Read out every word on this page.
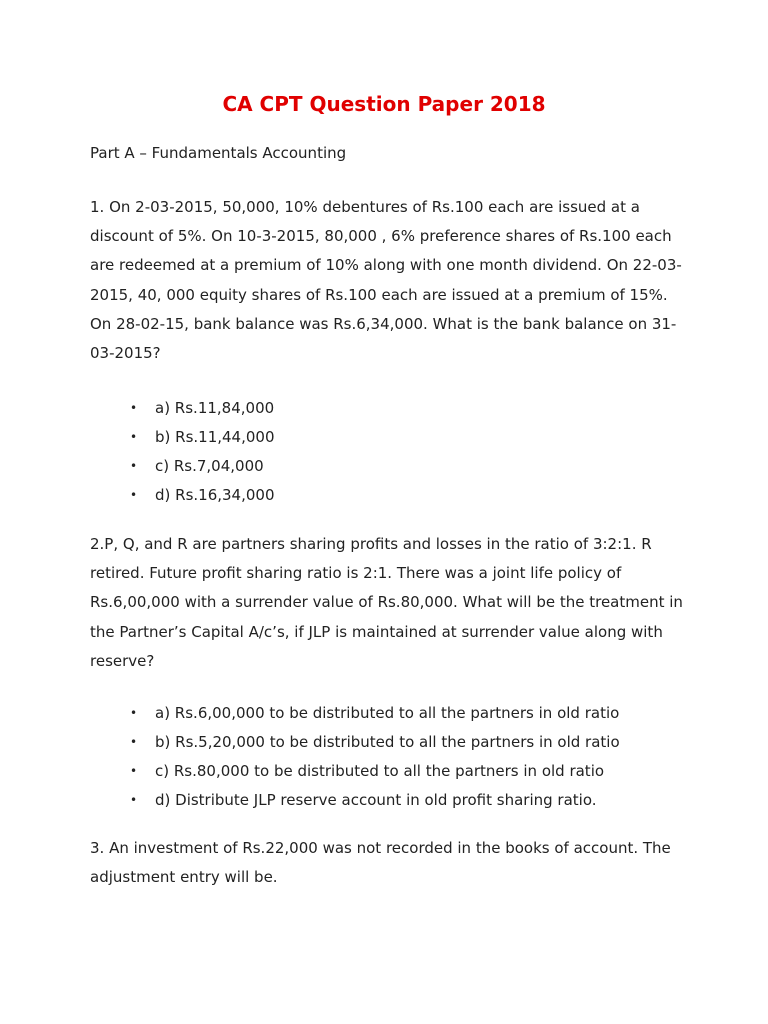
CA CPT Question Paper 2018

Part A – Fundamentals Accounting

1. On 2-03-2015, 50,000, 10% debentures of Rs.100 each are issued at a discount of 5%. On 10-3-2015, 80,000 , 6% preference shares of Rs.100 each are redeemed at a premium of 10% along with one month dividend. On 22-03- 2015, 40, 000 equity shares of Rs.100 each are issued at a premium of 15%. On 28-02-15, bank balance was Rs.6,34,000. What is the bank balance on 31-03-2015?

• a) Rs.11,84,000
• b) Rs.11,44,000
• c) Rs.7,04,000
• d) Rs.16,34,000

2.P, Q, and R are partners sharing profits and losses in the ratio of 3:2:1. R retired. Future profit sharing ratio is 2:1. There was a joint life policy of Rs.6,00,000 with a surrender value of Rs.80,000. What will be the treatment in the Partner’s Capital A/c’s, if JLP is maintained at surrender value along with reserve?

• a) Rs.6,00,000 to be distributed to all the partners in old ratio
• b) Rs.5,20,000 to be distributed to all the partners in old ratio
• c) Rs.80,000 to be distributed to all the partners in old ratio
• d) Distribute JLP reserve account in old profit sharing ratio.

3. An investment of Rs.22,000 was not recorded in the books of account. The adjustment entry will be.
